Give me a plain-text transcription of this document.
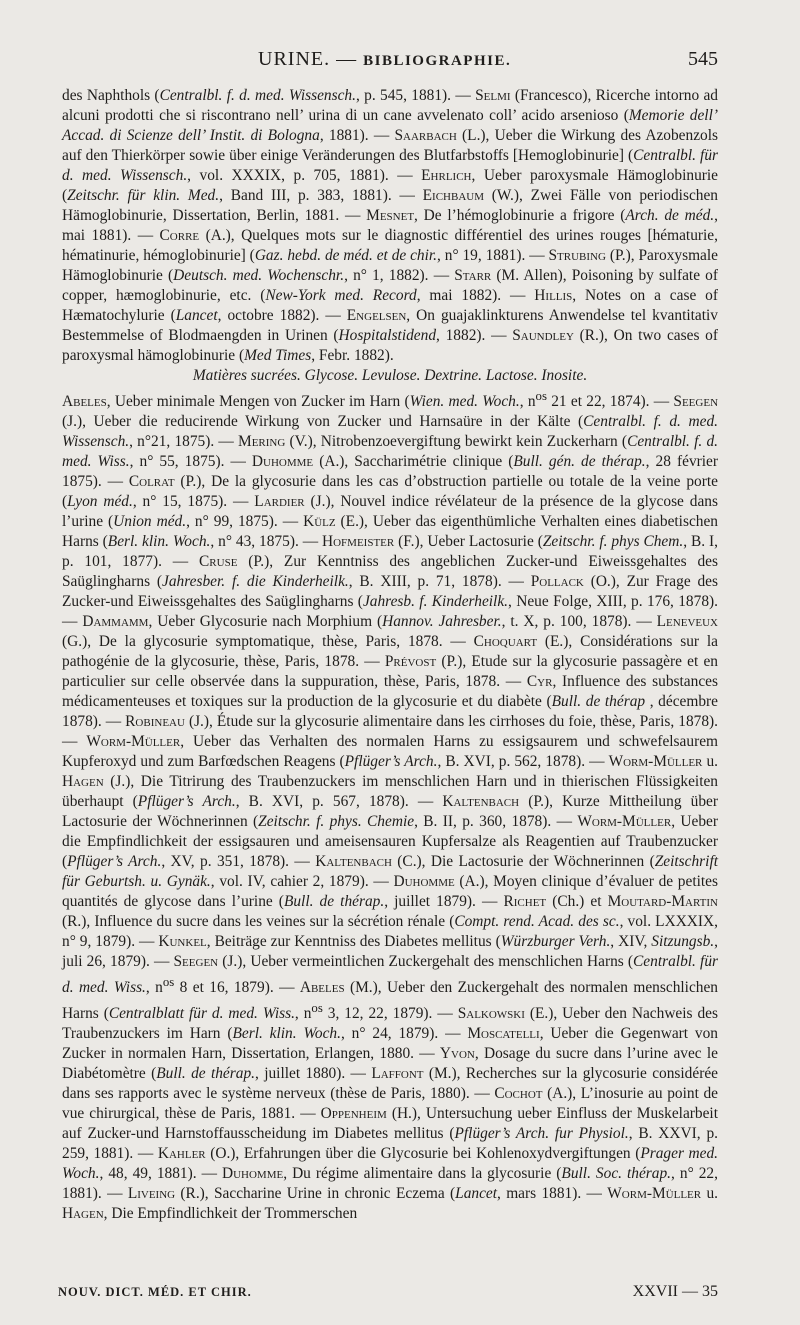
URINE. — BIBLIOGRAPHIE.	545

des Naphthols (Centralbl. f. d. med. Wissensch., p. 545, 1881). — Selmi (Francesco), Ricerche intorno ad alcuni prodotti che si riscontrano nell’ urina di un cane avvelenato coll’ acido arsenioso (Memorie dell’ Accad. di Scienze dell’ Instit. di Bologna, 1881). — Saarbach (L.), Ueber die Wirkung des Azobenzols auf den Thierkörper sowie über einige Veränderungen des Blutfarbstoffs [Hemoglobinurie] (Centralbl. für d. med. Wissensch., vol. XXXIX, p. 705, 1881). — Ehrlich, Ueber paroxysmale Hämoglobinurie (Zeitschr. für klin. Med., Band III, p. 383, 1881). — Eichbaum (W.), Zwei Fälle von periodischen Hämoglobinurie, Dissertation, Berlin, 1881. — Mesnet, De l’hémoglobinurie a frigore (Arch. de méd., mai 1881). — Corre (A.), Quelques mots sur le diagnostic différentiel des urines rouges [hématurie, hématinurie, hémoglobinurie] (Gaz. hebd. de méd. et de chir., n° 19, 1881). — Strubing (P.), Paroxysmale Hämoglobinurie (Deutsch. med. Wochenschr., n° 1, 1882). — Starr (M. Allen), Poisoning by sulfate of copper, hæmoglobinurie, etc. (New-York med. Record, mai 1882). — Hillis, Notes on a case of Hæmatochylurie (Lancet, octobre 1882). — Engelsen, On guajaklinkturens Anwendelse tel kvantitativ Bestemmelse of Blodmaengden in Urinen (Hospitalstidend, 1882). — Saundley (R.), On two cases of paroxysmal hämoglobinurie (Med Times, Febr. 1882).

Matières sucrées. Glycose. Levulose. Dextrine. Lactose. Inosite.

Abeles, Ueber minimale Mengen von Zucker im Harn (Wien. med. Woch., $n^{os}$ 21 et 22, 1874). — Seegen (J.), Ueber die reducirende Wirkung von Zucker und Harnsaüre in der Kälte (Centralbl. f. d. med. Wissensch., n°21, 1875). — Mering (V.), Nitrobenzoevergiftung bewirkt kein Zuckerharn (Centralbl. f. d. med. Wiss., n° 55, 1875). — Duhomme (A.), Saccharimétrie clinique (Bull. gén. de thérap., 28 février 1875). — Colrat (P.), De la glycosurie dans les cas d’obstruction partielle ou totale de la veine porte (Lyon méd., n° 15, 1875). — Lardier (J.), Nouvel indice révélateur de la présence de la glycose dans l’urine (Union méd., n° 99, 1875). — Külz (E.), Ueber das eigenthümliche Verhalten eines diabetischen Harns (Berl. klin. Woch., n° 43, 1875). — Hofmeister (F.), Ueber Lactosurie (Zeitschr. f. phys Chem., B. I, p. 101, 1877). — Cruse (P.), Zur Kenntniss des angeblichen Zucker-und Eiweissgehaltes des Saüglingharns (Jahresber. f. die Kinderheilk., B. XIII, p. 71, 1878). — Pollack (O.), Zur Frage des Zucker-und Eiweissgehaltes des Saüglingharns (Jahresb. f. Kinderheilk., Neue Folge, XIII, p. 176, 1878). — Dammamm, Ueber Glycosurie nach Morphium (Hannov. Jahresber., t. X, p. 100, 1878). — Leneveux (G.), De la glycosurie symptomatique, thèse, Paris, 1878. — Choquart (E.), Considérations sur la pathogénie de la glycosurie, thèse, Paris, 1878. — Prévost (P.), Etude sur la glycosurie passagère et en particulier sur celle observée dans la suppuration, thèse, Paris, 1878. — Cyr, Influence des substances médicamenteuses et toxiques sur la production de la glycosurie et du diabète (Bull. de thérap , décembre 1878). — Robineau (J.), Étude sur la glycosurie alimentaire dans les cirrhoses du foie, thèse, Paris, 1878). — Worm-Müller, Ueber das Verhalten des normalen Harns zu essigsaurem und schwefelsaurem Kupferoxyd und zum Barfœdschen Reagens (Pflüger’s Arch., B. XVI, p. 562, 1878). — Worm-Müller u. Hagen (J.), Die Titrirung des Traubenzuckers im menschlichen Harn und in thierischen Flüssigkeiten überhaupt (Pflüger’s Arch., B. XVI, p. 567, 1878). — Kaltenbach (P.), Kurze Mittheilung über Lactosurie der Wöchnerinnen (Zeitschr. f. phys. Chemie, B. II, p. 360, 1878). — Worm-Müller, Ueber die Empfindlichkeit der essigsauren und ameisensauren Kupfersalze als Reagentien auf Traubenzucker (Pflüger’s Arch., XV, p. 351, 1878). — Kaltenbach (C.), Die Lactosurie der Wöchnerinnen (Zeitschrift für Geburtsh. u. Gynäk., vol. IV, cahier 2, 1879). — Duhomme (A.), Moyen clinique d’évaluer de petites quantités de glycose dans l’urine (Bull. de thérap., juillet 1879). — Richet (Ch.) et Moutard-Martin (R.), Influence du sucre dans les veines sur la sécrétion rénale (Compt. rend. Acad. des sc., vol. LXXXIX, n° 9, 1879). — Kunkel, Beiträge zur Kenntniss des Diabetes mellitus (Würzburger Verh., XIV, Sitzungsb., juli 26, 1879). — Seegen (J.), Ueber vermeintlichen Zuckergehalt des menschlichen Harns (Centralbl. für d. med. Wiss., $n^{os}$ 8 et 16, 1879). — Abeles (M.), Ueber den Zuckergehalt des normalen menschlichen Harns (Centralblatt für d. med. Wiss., $n^{os}$ 3, 12, 22, 1879). — Salkowski (E.), Ueber den Nachweis des Traubenzuckers im Harn (Berl. klin. Woch., n° 24, 1879). — Moscatelli, Ueber die Gegenwart von Zucker in normalen Harn, Dissertation, Erlangen, 1880. — Yvon, Dosage du sucre dans l’urine avec le Diabétomètre (Bull. de thérap., juillet 1880). — Laffont (M.), Recherches sur la glycosurie considérée dans ses rapports avec le système nerveux (thèse de Paris, 1880). — Cochot (A.), L’inosurie au point de vue chirurgical, thèse de Paris, 1881. — Oppenheim (H.), Untersuchung ueber Einfluss der Muskelarbeit auf Zucker-und Harnstoffausscheidung im Diabetes mellitus (Pflüger’s Arch. fur Physiol., B. XXVI, p. 259, 1881). — Kahler (O.), Erfahrungen über die Glycosurie bei Kohlenoxydvergiftungen (Prager med. Woch., 48, 49, 1881). — Duhomme, Du régime alimentaire dans la glycosurie (Bull. Soc. thérap., n° 22, 1881). — Liveing (R.), Saccharine Urine in chronic Eczema (Lancet, mars 1881). — Worm-Müller u. Hagen, Die Empfindlichkeit der Trommerschen

NOUV. DICT. MÉD. ET CHIR.	XXVII — 35
